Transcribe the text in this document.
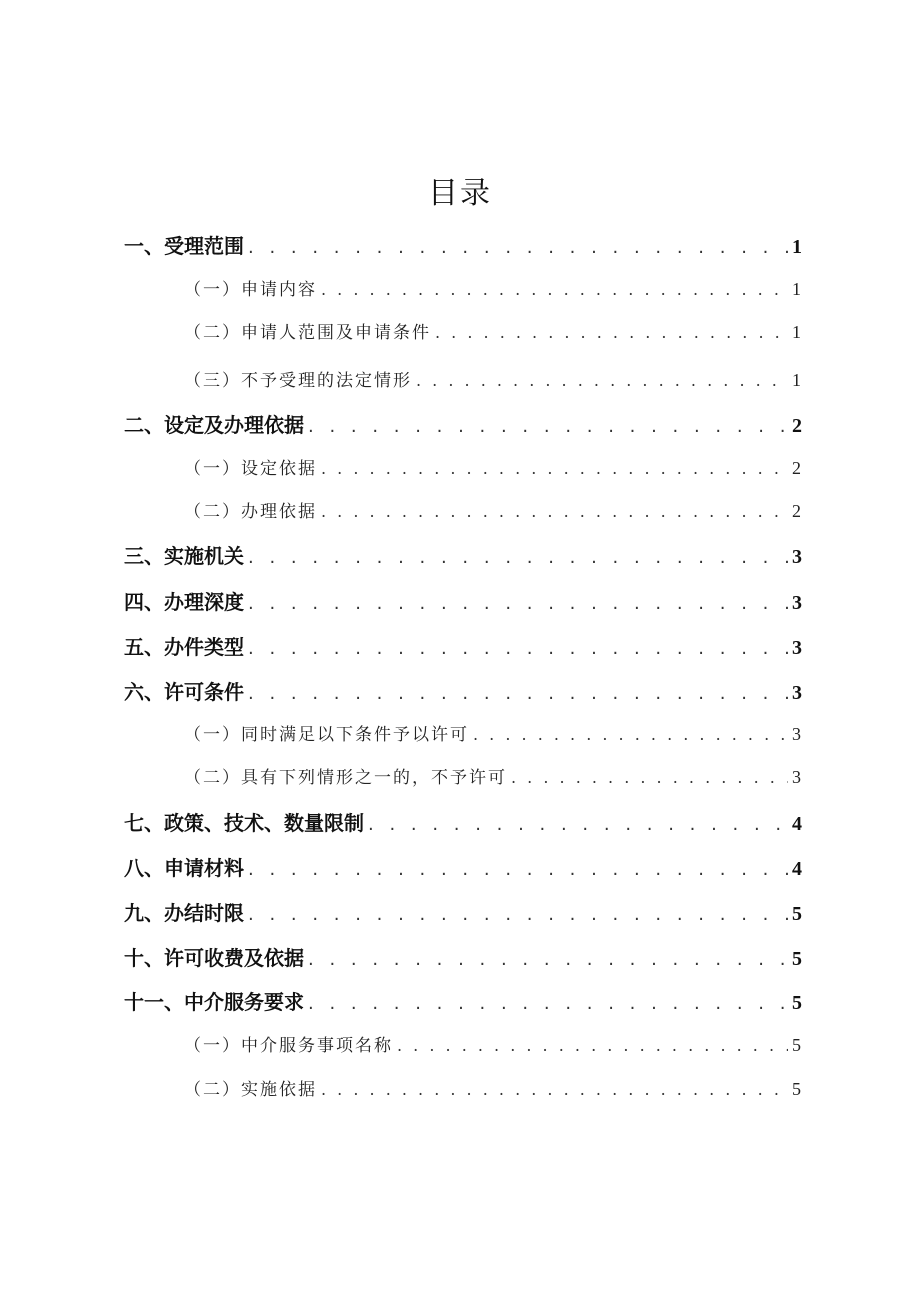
目录
一、受理范围 . . .	1
（一）申请内容 . . .	1
（二）申请人范围及申请条件 . . .	1
（三）不予受理的法定情形 . . .	1
二、设定及办理依据 . . .	2
（一）设定依据 . . .	2
（二）办理依据 . . .	2
三、实施机关 . . .	3
四、办理深度 . . .	3
五、办件类型 . . .	3
六、许可条件 . . .	3
（一）同时满足以下条件予以许可 . . .	3
（二）具有下列情形之一的，不予许可 . . .	3
七、政策、技术、数量限制 . . .	4
八、申请材料 . . .	4
九、办结时限 . . .	5
十、许可收费及依据 . . .	5
十一、中介服务要求 . . .	5
（一）中介服务事项名称 . . .	5
（二）实施依据 . . .	5
